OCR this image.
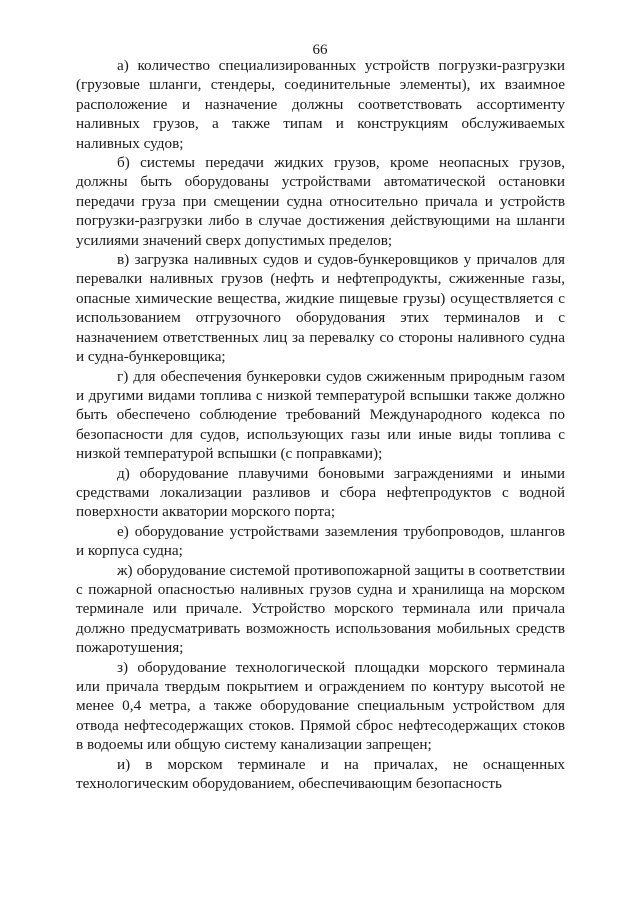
66

а) количество специализированных устройств погрузки-разгрузки (грузовые шланги, стендеры, соединительные элементы), их взаимное расположение и назначение должны соответствовать ассортименту наливных грузов, а также типам и конструкциям обслуживаемых наливных судов;

б) системы передачи жидких грузов, кроме неопасных грузов, должны быть оборудованы устройствами автоматической остановки передачи груза при смещении судна относительно причала и устройств погрузки-разгрузки либо в случае достижения действующими на шланги усилиями значений сверх допустимых пределов;

в) загрузка наливных судов и судов-бункеровщиков у причалов для перевалки наливных грузов (нефть и нефтепродукты, сжиженные газы, опасные химические вещества, жидкие пищевые грузы) осуществляется с использованием отгрузочного оборудования этих терминалов и с назначением ответственных лиц за перевалку со стороны наливного судна и судна-бункеровщика;

г) для обеспечения бункеровки судов сжиженным природным газом и другими видами топлива с низкой температурой вспышки также должно быть обеспечено соблюдение требований Международного кодекса по безопасности для судов, использующих газы или иные виды топлива с низкой температурой вспышки (с поправками);

д) оборудование плавучими боновыми заграждениями и иными средствами локализации разливов и сбора нефтепродуктов с водной поверхности акватории морского порта;

е) оборудование устройствами заземления трубопроводов, шлангов и корпуса судна;

ж) оборудование системой противопожарной защиты в соответствии с пожарной опасностью наливных грузов судна и хранилища на морском терминале или причале. Устройство морского терминала или причала должно предусматривать возможность использования мобильных средств пожаротушения;

з) оборудование технологической площадки морского терминала или причала твердым покрытием и ограждением по контуру высотой не менее 0,4 метра, а также оборудование специальным устройством для отвода нефтесодержащих стоков. Прямой сброс нефтесодержащих стоков в водоемы или общую систему канализации запрещен;

и) в морском терминале и на причалах, не оснащенных технологическим оборудованием, обеспечивающим безопасность
